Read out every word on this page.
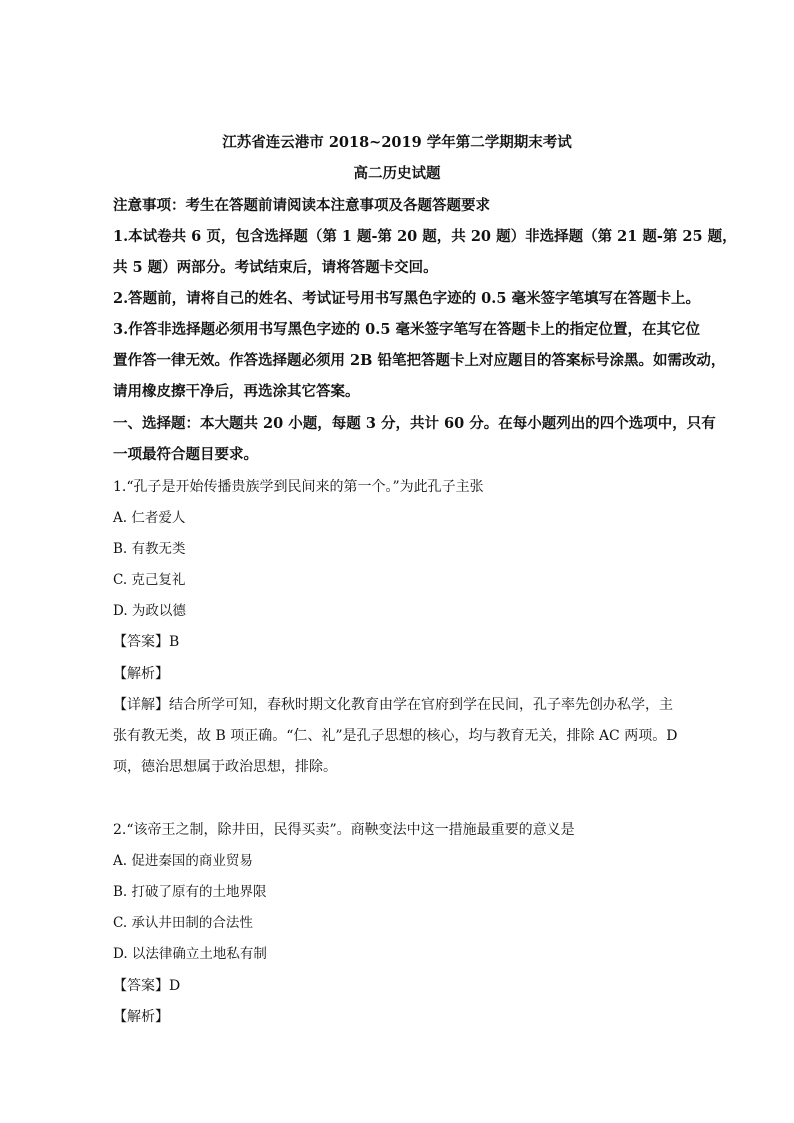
江苏省连云港市 2018~2019 学年第二学期期末考试
高二历史试题
注意事项：考生在答题前请阅读本注意事项及各题答题要求
1.本试卷共 6 页，包含选择题（第 1 题-第 20 题，共 20 题）非选择题（第 21 题-第 25 题，
共 5 题）两部分。考试结束后，请将答题卡交回。
2.答题前，请将自己的姓名、考试证号用书写黑色字迹的 0.5 毫米签字笔填写在答题卡上。
3.作答非选择题必须用书写黑色字迹的 0.5 毫米签字笔写在答题卡上的指定位置，在其它位
置作答一律无效。作答选择题必须用 2B 铅笔把答题卡上对应题目的答案标号涂黑。如需改动，
请用橡皮擦干净后，再选涂其它答案。
一、选择题：本大题共 20 小题，每题 3 分，共计 60 分。在每小题列出的四个选项中，只有
一项最符合题目要求。
1.“孔子是开始传播贵族学到民间来的第一个。”为此孔子主张
A. 仁者爱人
B. 有教无类
C. 克己复礼
D. 为政以德
【答案】B
【解析】
【详解】结合所学可知，春秋时期文化教育由学在官府到学在民间，孔子率先创办私学，主
张有教无类，故 B 项正确。“仁、礼”是孔子思想的核心，均与教育无关，排除 AC 两项。D
项，德治思想属于政治思想，排除。
2.“该帝王之制，除井田，民得买卖”。商鞅变法中这一措施最重要的意义是
A. 促进秦国的商业贸易
B. 打破了原有的土地界限
C. 承认井田制的合法性
D. 以法律确立土地私有制
【答案】D
【解析】
